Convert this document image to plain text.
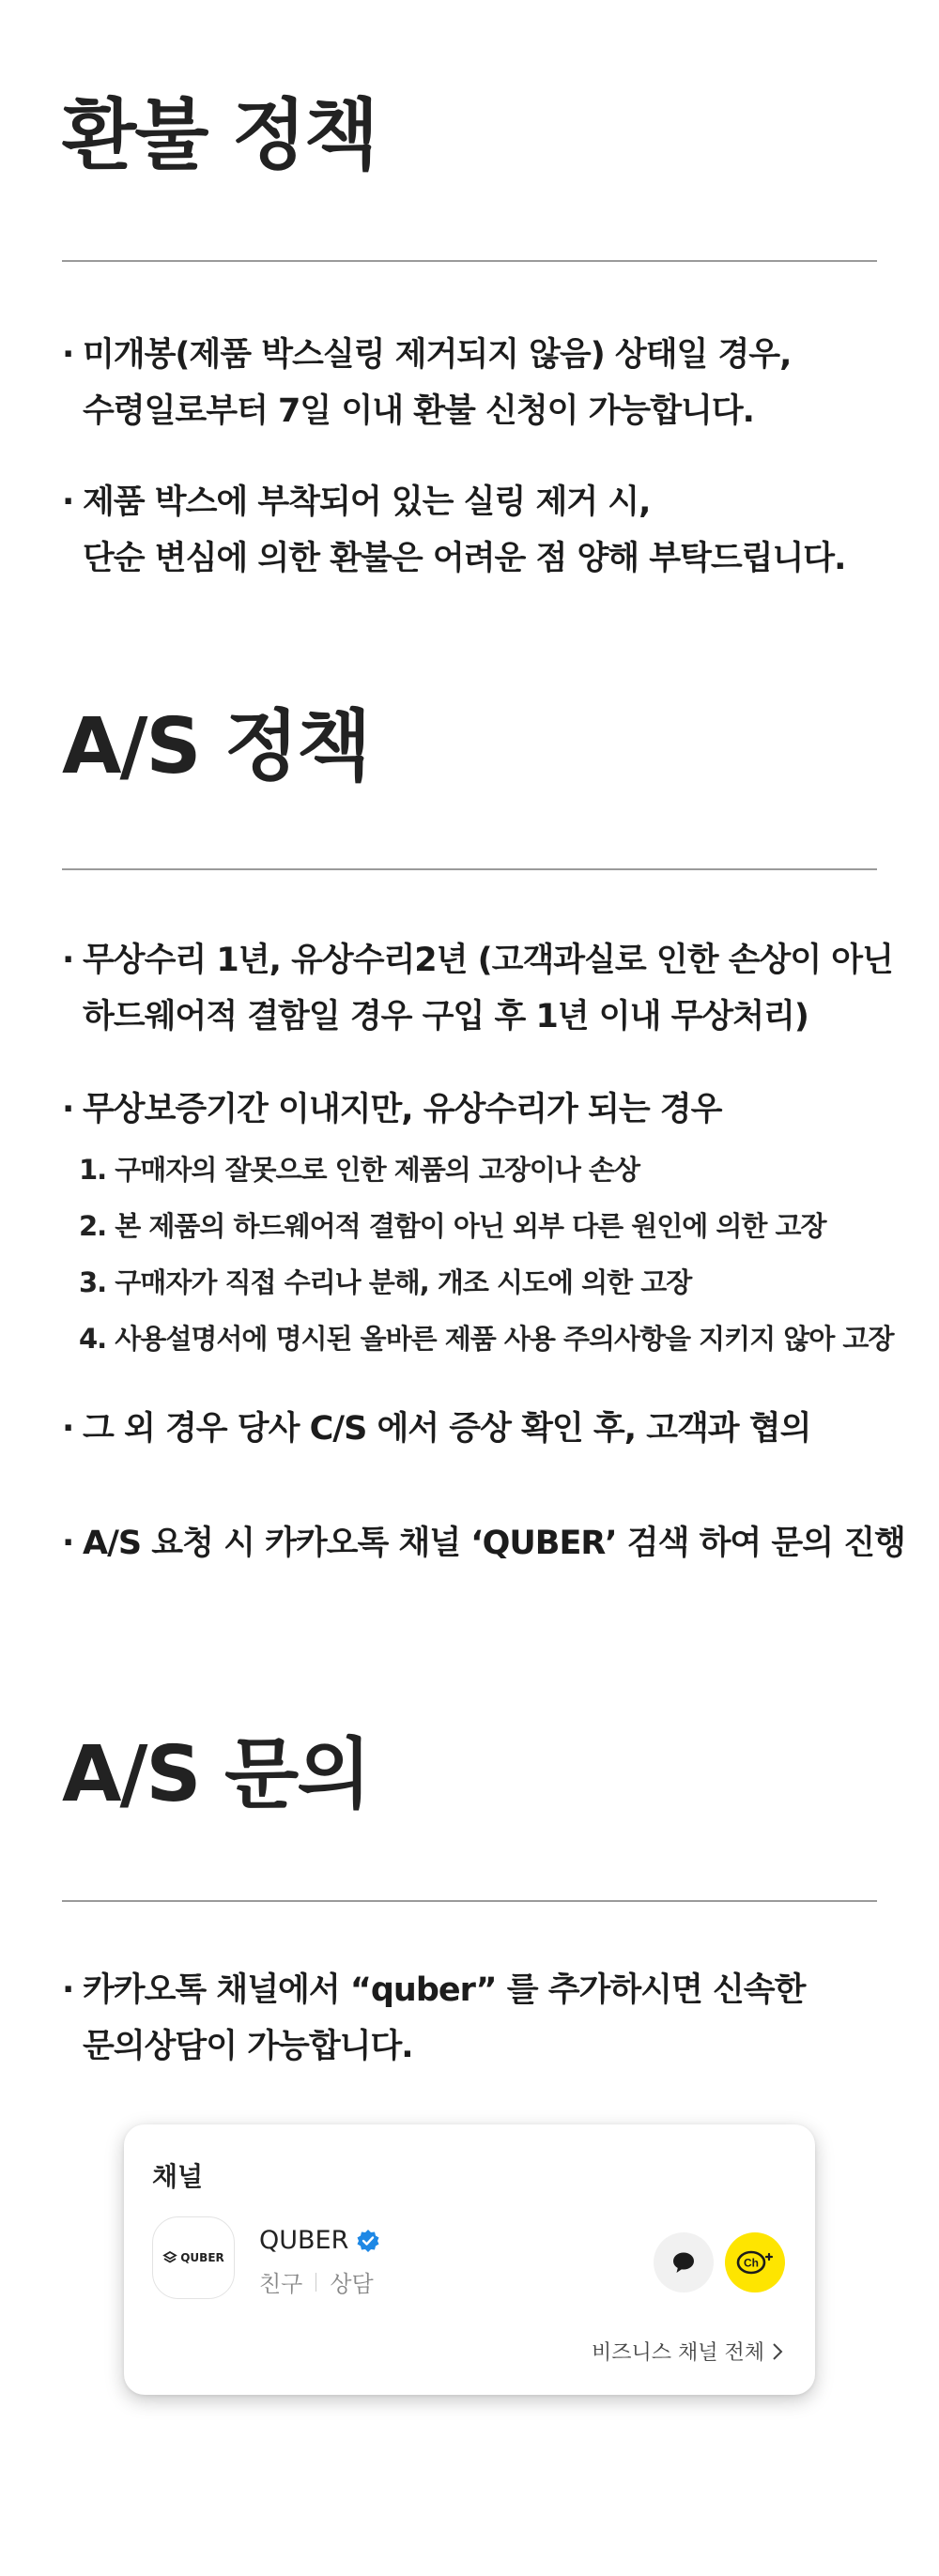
환불 정책
· 미개봉(제품 박스실링 제거되지 않음) 상태일 경우,
수령일로부터 7일 이내 환불 신청이 가능합니다.
· 제품 박스에 부착되어 있는 실링 제거 시,
단순 변심에 의한 환불은 어려운 점 양해 부탁드립니다.
A/S 정책
· 무상수리 1년, 유상수리2년 (고객과실로 인한 손상이 아닌
하드웨어적 결함일 경우 구입 후 1년 이내 무상처리)
· 무상보증기간 이내지만, 유상수리가 되는 경우
1. 구매자의 잘못으로 인한 제품의 고장이나 손상
2. 본 제품의 하드웨어적 결함이 아닌 외부 다른 원인에 의한 고장
3. 구매자가 직접 수리나 분해, 개조 시도에 의한 고장
4. 사용설명서에 명시된 올바른 제품 사용 주의사항을 지키지 않아 고장
· 그 외 경우 당사 C/S 에서 증상 확인 후, 고객과 협의
· A/S 요청 시 카카오톡 채널 ‘QUBER’ 검색 하여 문의 진행
A/S 문의
· 카카오톡 채널에서 “quber” 를 추가하시면 신속한
문의상담이 가능합니다.
채널
QUBER
QUBER
친구 상담
Ch
비즈니스 채널 전체
